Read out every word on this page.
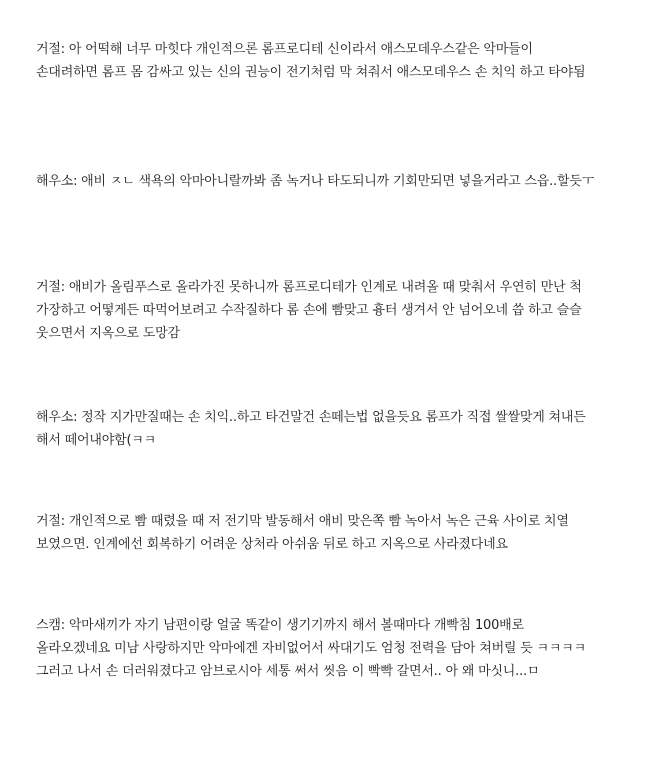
거절: 아 어떡해 너무 마힛다 개인적으론 롬프로디테 신이라서 애스모데우스같은 악마들이 손대려하면 롬프 몸 감싸고 있는 신의 권능이 전기처럼 막 쳐줘서 애스모데우스 손 치익 하고 타야됨

해우소: 애비 ㅈㄴ 색욕의 악마아니랄까봐 좀 녹거나 타도되니까 기회만되면 넣을거라고 스읍..할듯ㅜ

거절: 애비가 올림푸스로 올라가진 못하니까 롬프로디테가 인계로 내려올 때 맞춰서 우연히 만난 척 가장하고 어떻게든 따먹어보려고 수작질하다 롬 손에 빰맞고 흉터 생겨서 안 넘어오네 씁 하고 슬슬 웃으면서 지옥으로 도망감

해우소: 정작 지가만질때는 손 치익..하고 타건말건 손떼는법 없을듯요 롬프가 직접 쌀쌀맞게 쳐내든 해서 떼어내야함(ㅋㅋ

거절: 개인적으로 빰 때렸을 때 저 전기막 발동해서 애비 맞은쪽 빰 녹아서 녹은 근육 사이로 치열 보였으면. 인계에선 회복하기 어려운 상처라 아쉬움 뒤로 하고 지옥으로 사라졌다네요

스캠: 악마새끼가 자기 남편이랑 얼굴 똑같이 생기기까지 해서 볼때마다 개빡침 100배로 올라오겠네요 미남 사랑하지만 악마에겐 자비없어서 싸대기도 엄청 전력을 담아 쳐버릴 듯 ㅋㅋㅋㅋ 그러고 나서 손 더러워졌다고 암브로시아 세통 써서 씻음 이 빡빡 갈면서.. 아 왜 마싯니...ㅁ
